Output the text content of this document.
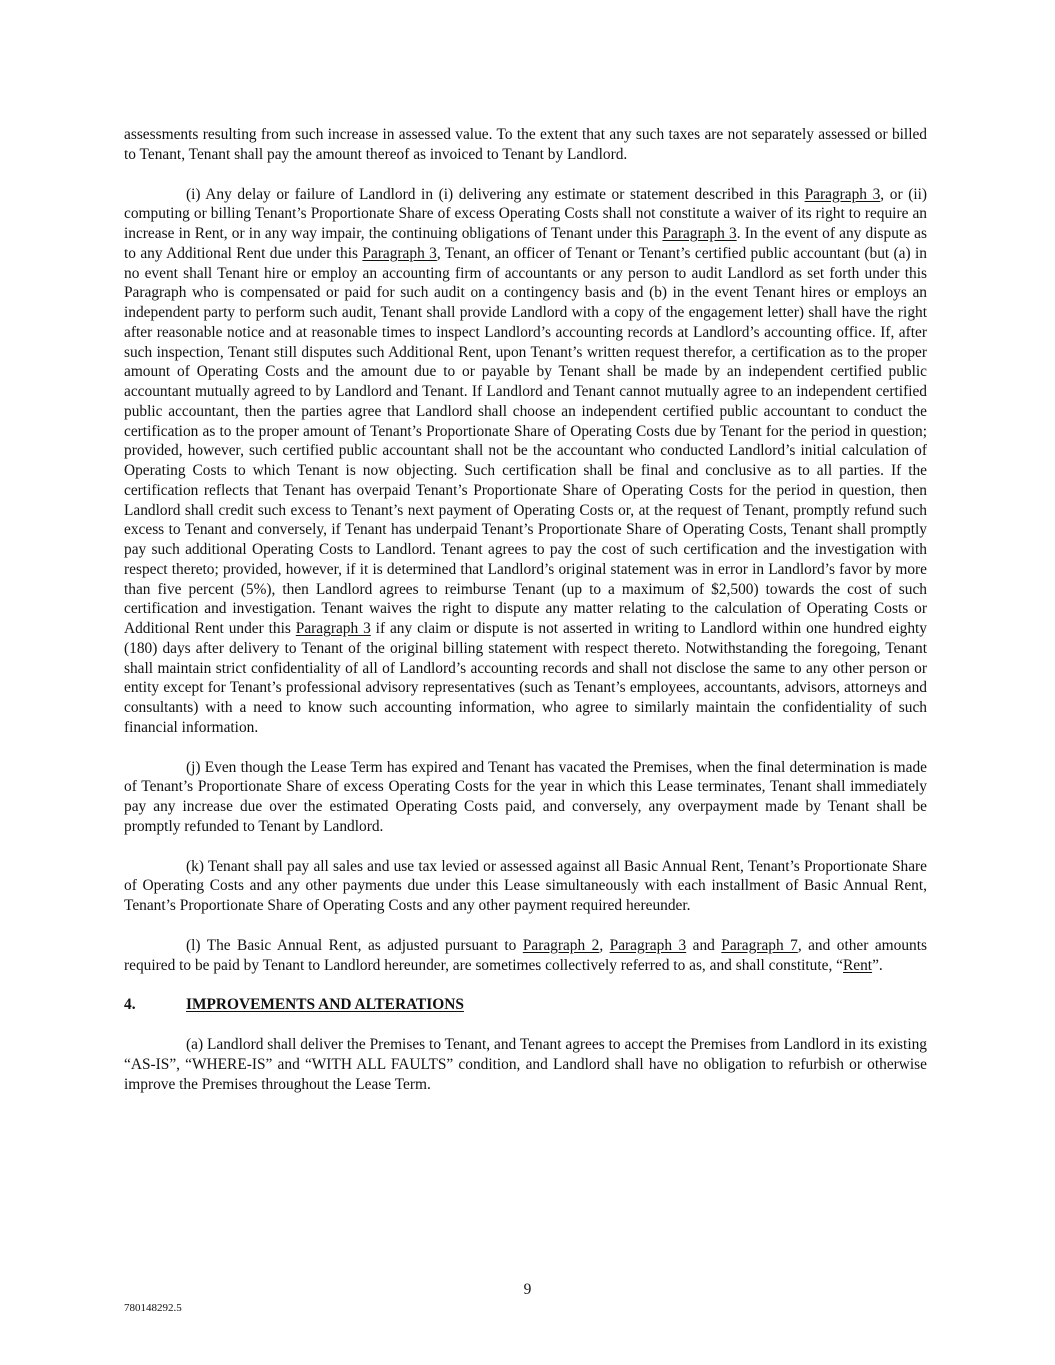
assessments resulting from such increase in assessed value. To the extent that any such taxes are not separately assessed or billed to Tenant, Tenant shall pay the amount thereof as invoiced to Tenant by Landlord.

(i) Any delay or failure of Landlord in (i) delivering any estimate or statement described in this Paragraph 3, or (ii) computing or billing Tenant’s Proportionate Share of excess Operating Costs shall not constitute a waiver of its right to require an increase in Rent, or in any way impair, the continuing obligations of Tenant under this Paragraph 3. In the event of any dispute as to any Additional Rent due under this Paragraph 3, Tenant, an officer of Tenant or Tenant’s certified public accountant (but (a) in no event shall Tenant hire or employ an accounting firm of accountants or any person to audit Landlord as set forth under this Paragraph who is compensated or paid for such audit on a contingency basis and (b) in the event Tenant hires or employs an independent party to perform such audit, Tenant shall provide Landlord with a copy of the engagement letter) shall have the right after reasonable notice and at reasonable times to inspect Landlord’s accounting records at Landlord’s accounting office. If, after such inspection, Tenant still disputes such Additional Rent, upon Tenant’s written request therefor, a certification as to the proper amount of Operating Costs and the amount due to or payable by Tenant shall be made by an independent certified public accountant mutually agreed to by Landlord and Tenant. If Landlord and Tenant cannot mutually agree to an independent certified public accountant, then the parties agree that Landlord shall choose an independent certified public accountant to conduct the certification as to the proper amount of Tenant’s Proportionate Share of Operating Costs due by Tenant for the period in question; provided, however, such certified public accountant shall not be the accountant who conducted Landlord’s initial calculation of Operating Costs to which Tenant is now objecting. Such certification shall be final and conclusive as to all parties. If the certification reflects that Tenant has overpaid Tenant’s Proportionate Share of Operating Costs for the period in question, then Landlord shall credit such excess to Tenant’s next payment of Operating Costs or, at the request of Tenant, promptly refund such excess to Tenant and conversely, if Tenant has underpaid Tenant’s Proportionate Share of Operating Costs, Tenant shall promptly pay such additional Operating Costs to Landlord. Tenant agrees to pay the cost of such certification and the investigation with respect thereto; provided, however, if it is determined that Landlord’s original statement was in error in Landlord’s favor by more than five percent (5%), then Landlord agrees to reimburse Tenant (up to a maximum of $2,500) towards the cost of such certification and investigation. Tenant waives the right to dispute any matter relating to the calculation of Operating Costs or Additional Rent under this Paragraph 3 if any claim or dispute is not asserted in writing to Landlord within one hundred eighty (180) days after delivery to Tenant of the original billing statement with respect thereto. Notwithstanding the foregoing, Tenant shall maintain strict confidentiality of all of Landlord’s accounting records and shall not disclose the same to any other person or entity except for Tenant’s professional advisory representatives (such as Tenant’s employees, accountants, advisors, attorneys and consultants) with a need to know such accounting information, who agree to similarly maintain the confidentiality of such financial information.

(j) Even though the Lease Term has expired and Tenant has vacated the Premises, when the final determination is made of Tenant’s Proportionate Share of excess Operating Costs for the year in which this Lease terminates, Tenant shall immediately pay any increase due over the estimated Operating Costs paid, and conversely, any overpayment made by Tenant shall be promptly refunded to Tenant by Landlord.

(k) Tenant shall pay all sales and use tax levied or assessed against all Basic Annual Rent, Tenant’s Proportionate Share of Operating Costs and any other payments due under this Lease simultaneously with each installment of Basic Annual Rent, Tenant’s Proportionate Share of Operating Costs and any other payment required hereunder.

(l) The Basic Annual Rent, as adjusted pursuant to Paragraph 2, Paragraph 3 and Paragraph 7, and other amounts required to be paid by Tenant to Landlord hereunder, are sometimes collectively referred to as, and shall constitute, “Rent”.

4.	IMPROVEMENTS AND ALTERATIONS

(a) Landlord shall deliver the Premises to Tenant, and Tenant agrees to accept the Premises from Landlord in its existing “AS-IS”, “WHERE-IS” and “WITH ALL FAULTS” condition, and Landlord shall have no obligation to refurbish or otherwise improve the Premises throughout the Lease Term.

9
780148292.5
